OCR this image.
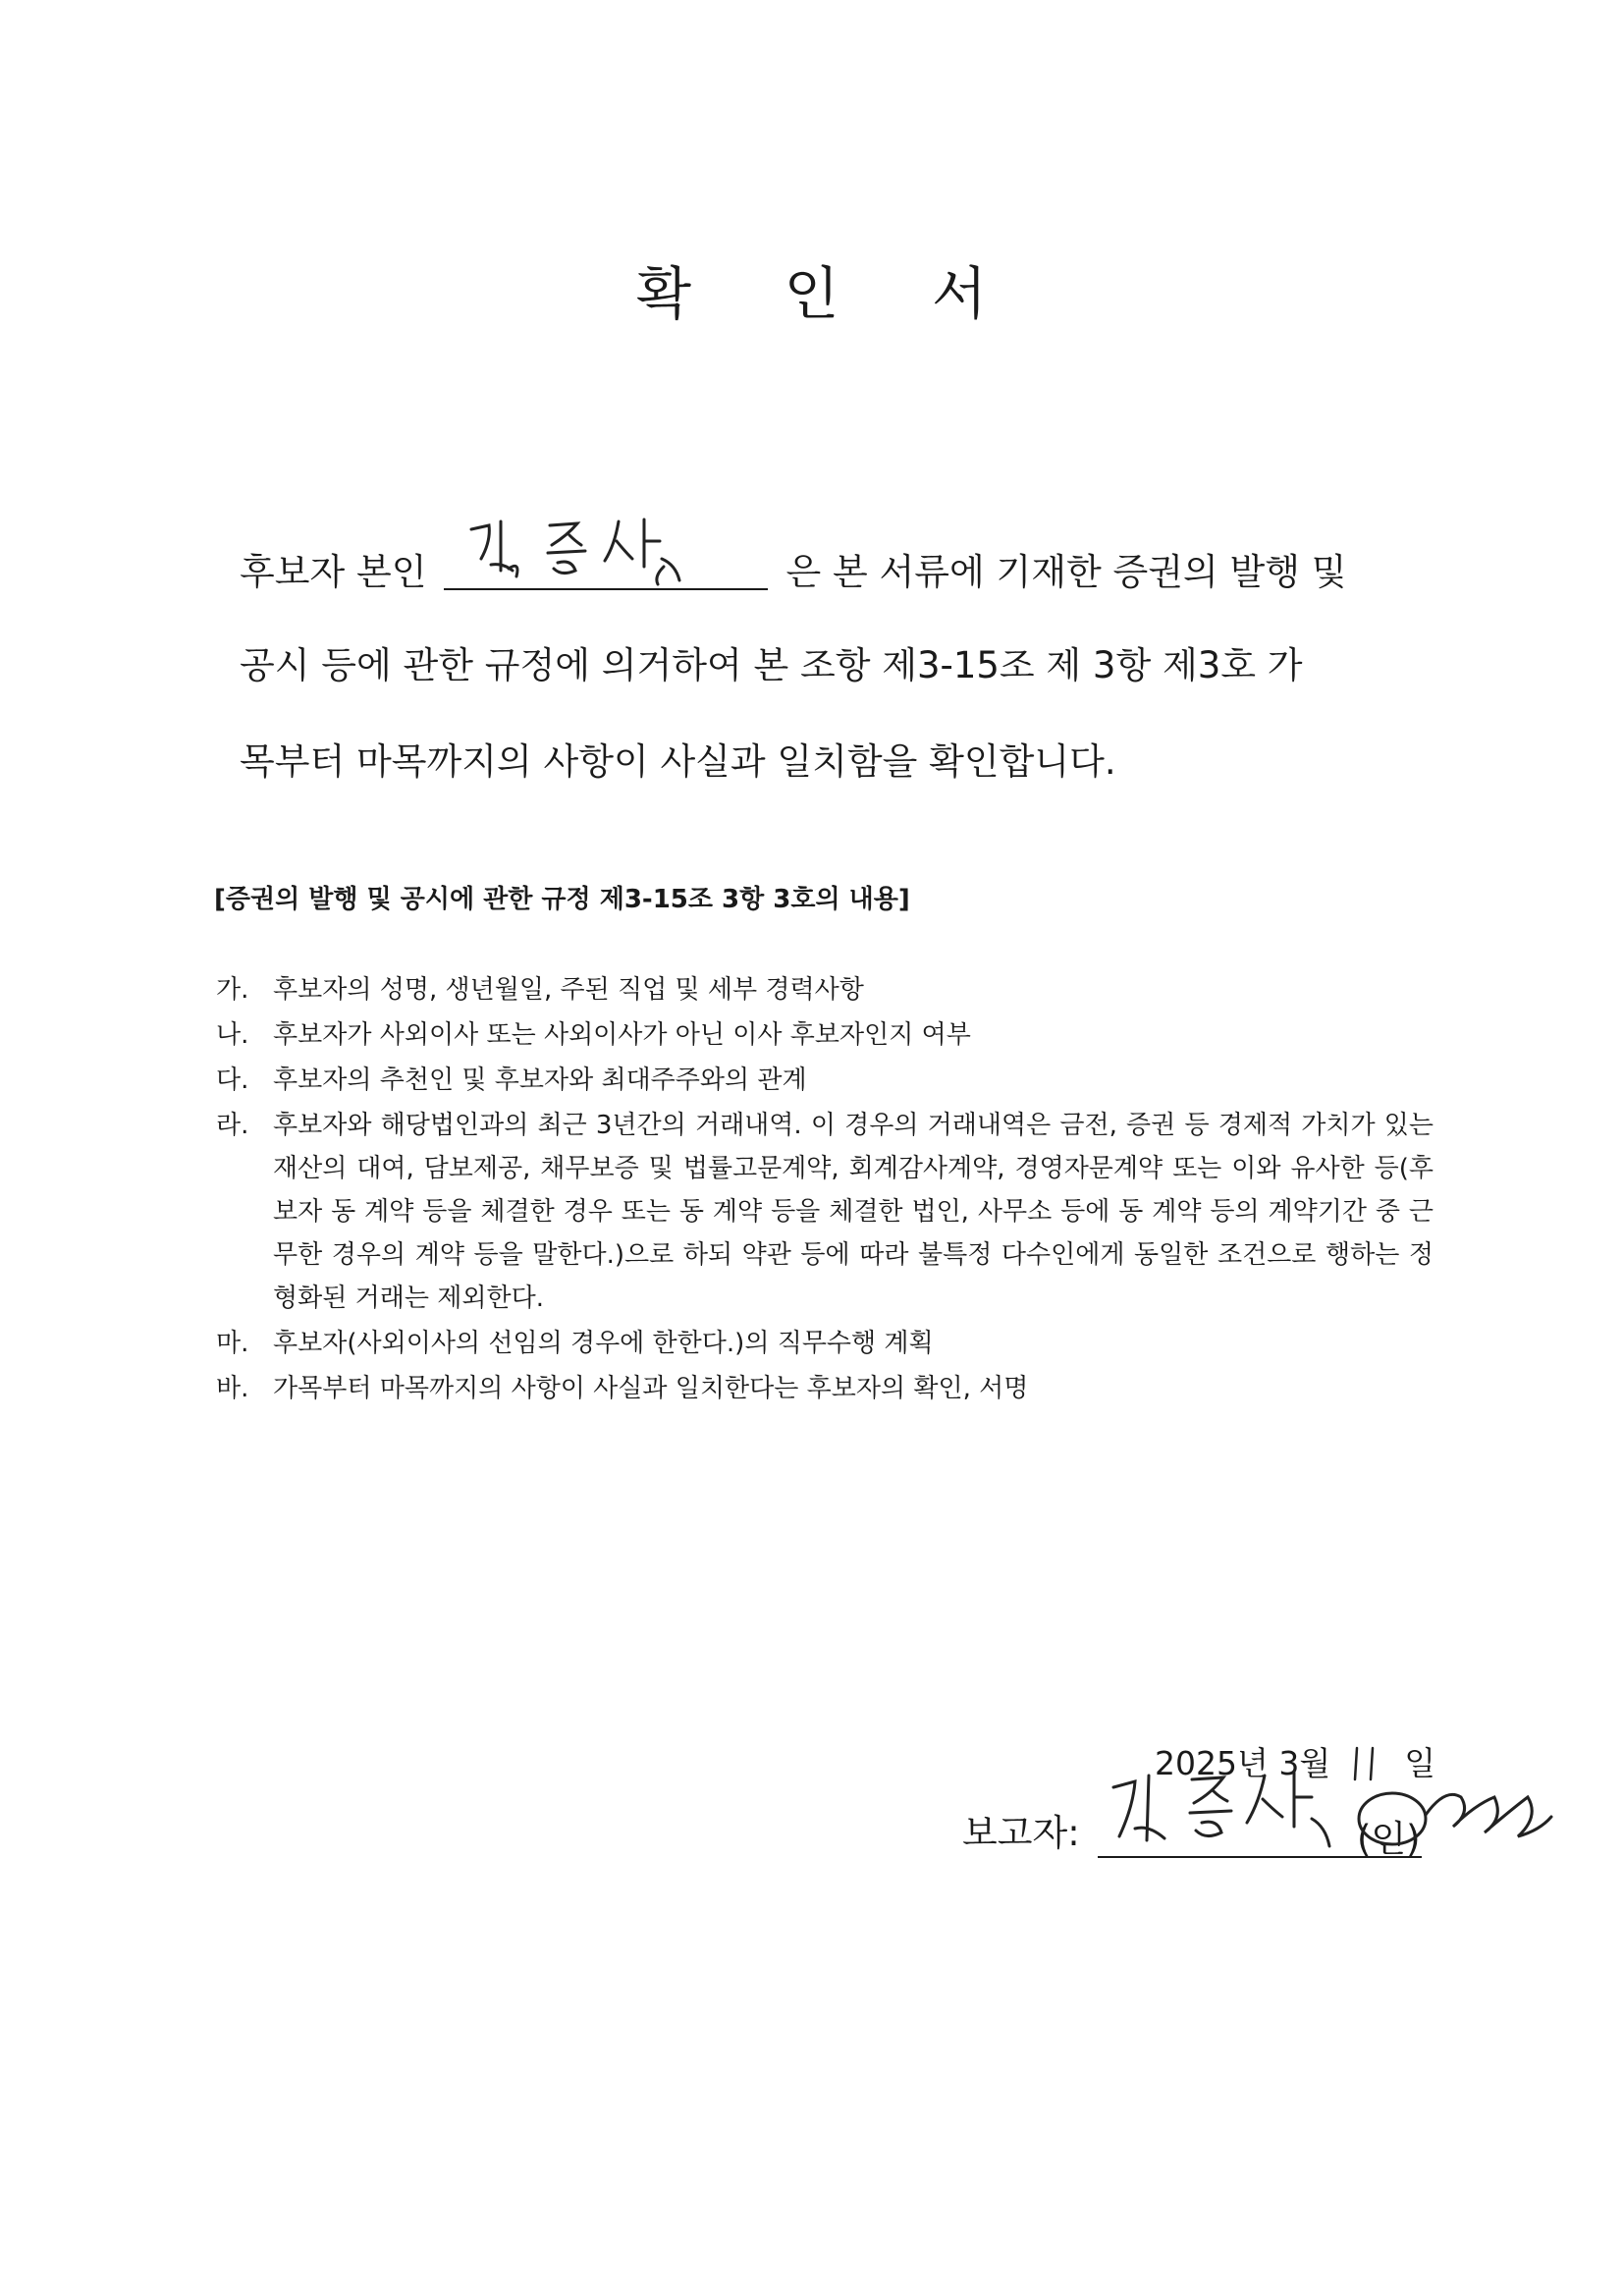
확 인 서
후보자 본인	은 본 서류에 기재한 증권의 발행 및
공시 등에 관한 규정에 의거하여 본 조항 제3-15조 제 3항 제3호 가
목부터 마목까지의 사항이 사실과 일치함을 확인합니다.
[증권의 발행 및 공시에 관한 규정 제3-15조 3항 3호의 내용]
가. 후보자의 성명, 생년월일, 주된 직업 및 세부 경력사항
나. 후보자가 사외이사 또는 사외이사가 아닌 이사 후보자인지 여부
다. 후보자의 추천인 및 후보자와 최대주주와의 관계
라. 후보자와 해당법인과의 최근 3년간의 거래내역. 이 경우의 거래내역은 금전, 증권 등 경제적 가치가 있는 재산의 대여, 담보제공, 채무보증 및 법률고문계약, 회계감사계약, 경영자문계약 또는 이와 유사한 등(후보자 동 계약 등을 체결한 경우 또는 동 계약 등을 체결한 법인, 사무소 등에 동 계약 등의 계약기간 중 근무한 경우의 계약 등을 말한다.)으로 하되 약관 등에 따라 불특정 다수인에게 동일한 조건으로 행하는 정형화된 거래는 제외한다.
마. 후보자(사외이사의 선임의 경우에 한한다.)의 직무수행 계획
바. 가목부터 마목까지의 사항이 사실과 일치한다는 후보자의 확인, 서명
2025년 3월 일
보고자:	(인)
